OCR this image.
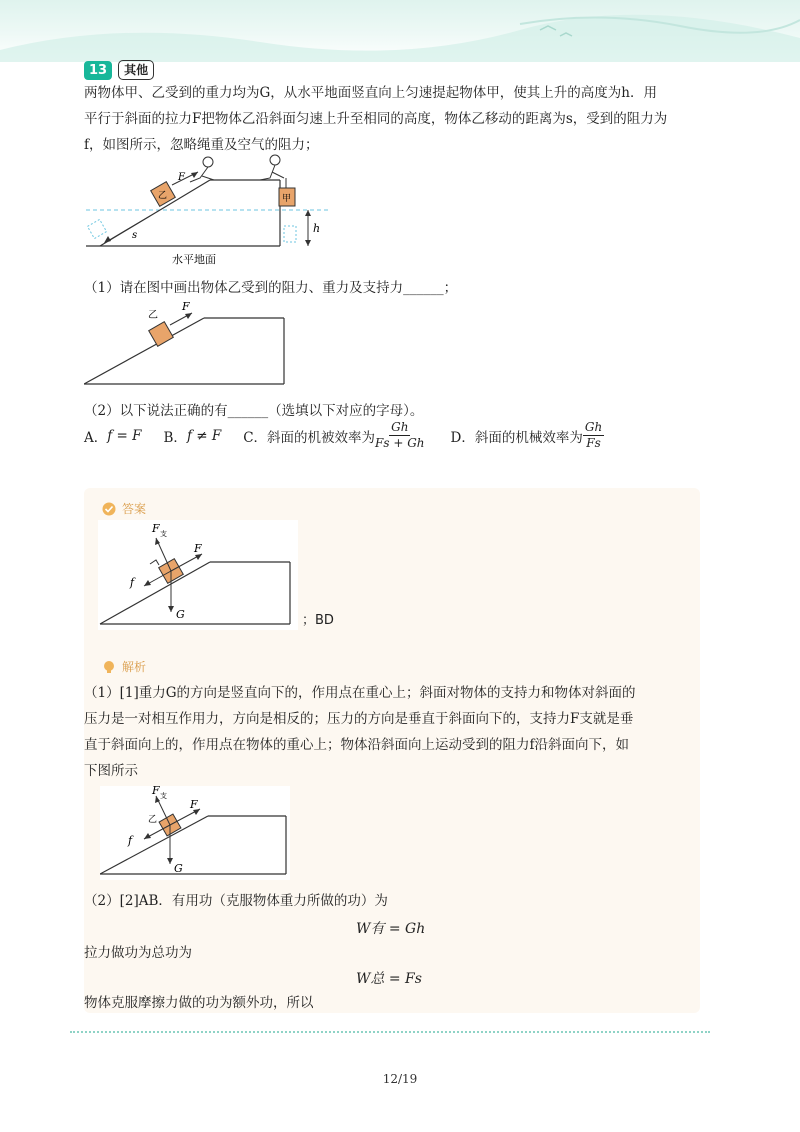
13	其他
两物体甲、乙受到的重力均为G，从水平地面竖直向上匀速提起物体甲，使其上升的高度为h．用
平行于斜面的拉力F把物体乙沿斜面匀速上升至相同的高度，物体乙移动的距离为s，受到的阻力为
f，如图所示，忽略绳重及空气的阻力；
乙
F
s
甲
h
水平地面
（1）请在图中画出物体乙受到的阻力、重力及支持力______；
乙
F
（2）以下说法正确的有______（选填以下对应的字母）。
A． f = F B． f ≠ F C．斜面的机被效率为 $\frac{Gh}{Fs + Gh}$ D．斜面的机械效率为 $\frac{Gh}{Fs}$
答案
F 支
F
f
G	；BD
解析
（1）[1]重力G的方向是竖直向下的，作用点在重心上；斜面对物体的支持力和物体对斜面的
压力是一对相互作用力，方向是相反的；压力的方向是垂直于斜面向下的，支持力F支就是垂
直于斜面向上的，作用点在物体的重心上；物体沿斜面向上运动受到的阻力f沿斜面向下，如
下图所示
乙
F 支
F
f
G
（2）[2]AB．有用功（克服物体重力所做的功）为
W有 = Gh
拉力做功为总功为
W总 = Fs
物体克服摩擦力做的功为额外功，所以
12/19
